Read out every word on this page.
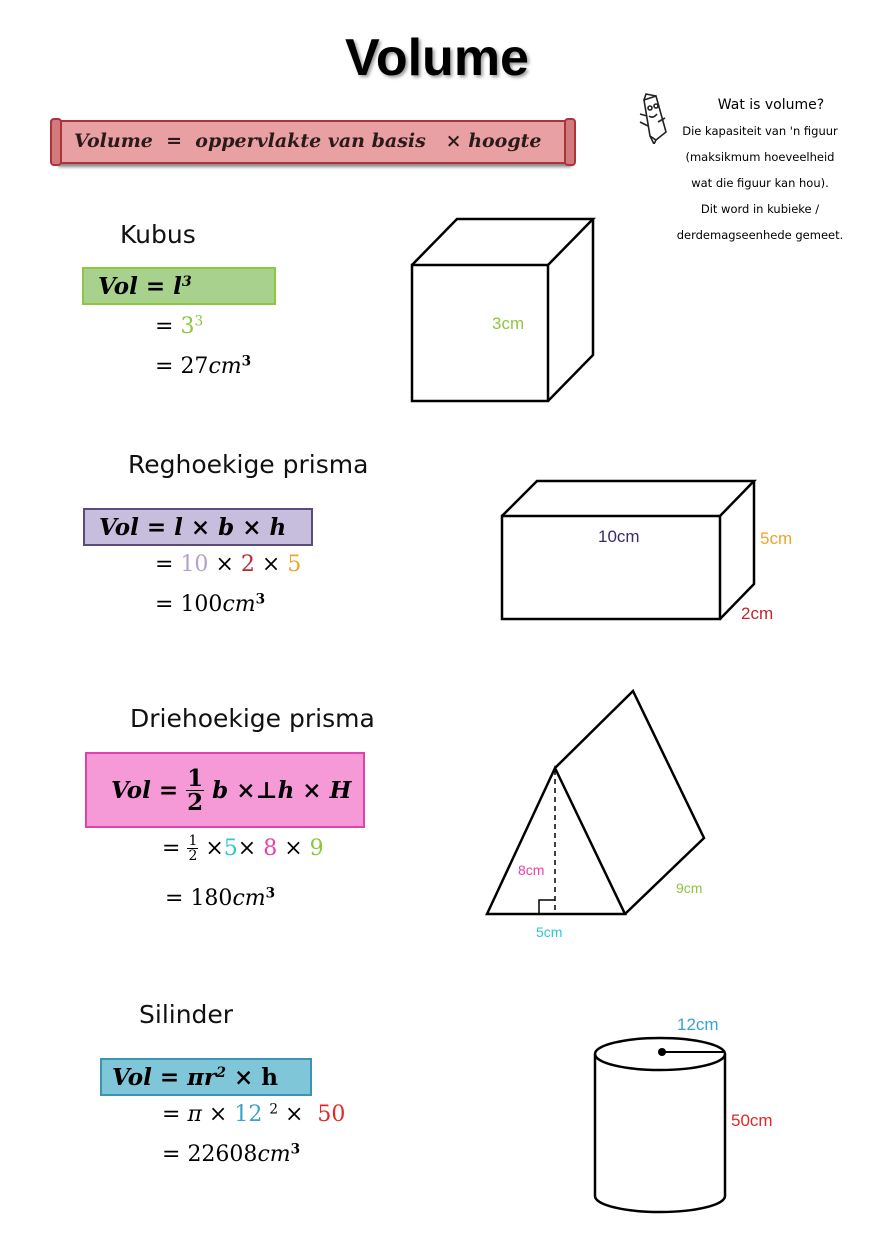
Volume
Volume  =  oppervlakte van basis   × hoogte
Wat is volume?
Die kapasiteit van 'n figuur
(maksikmum hoeveelheid
wat die figuur kan hou).
Dit word in kubieke /
derdemagseenhede gemeet.
Kubus
Vol = $l^3$
= $3^3$
= $27cm^3$
3cm
Reghoekige prisma
Vol = l × b × h
= 10 × 2 × 5
= $100cm^3$
10cm	5cm
2cm
Driehoekige prisma
Vol =
$\frac{1}{2}$
b ×⊥h × H
= $\frac{1}{2} \times 5 \times 8 \times 9$
= $180cm^3$
8cm
9cm
5cm
Silinder
Vol = $\pi r^2 \times h$
= π × 12 $^2$ ×  50
= $22608cm^3$
12cm
50cm
